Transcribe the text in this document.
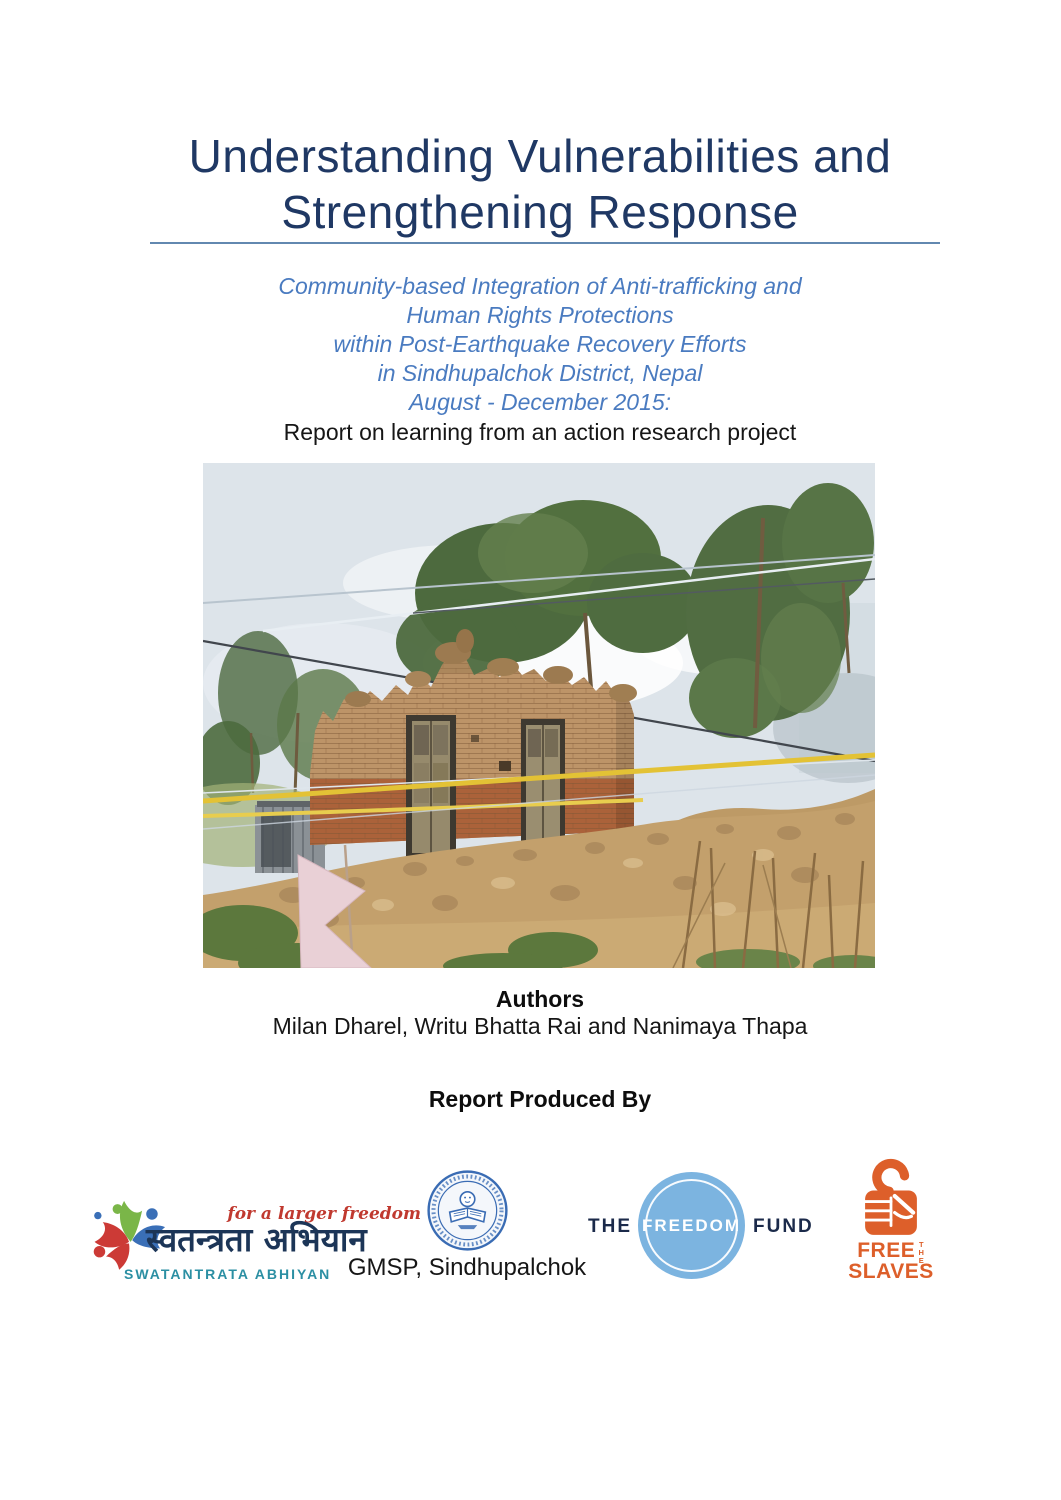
Understanding Vulnerabilities and
Strengthening Response
Community-based Integration of Anti-trafficking and
Human Rights Protections
within Post-Earthquake Recovery Efforts
in Sindhupalchok District, Nepal
August - December 2015:
Report on learning from an action research project
Authors
Milan Dharel, Writu Bhatta Rai and Nanimaya Thapa
Report Produced By
for a larger freedom
स्वतन्त्रता अभियान
SWATANTRATA ABHIYAN GMSP, Sindhupalchok
THE FREEDOM FUND
FREE THE
SLAVES
